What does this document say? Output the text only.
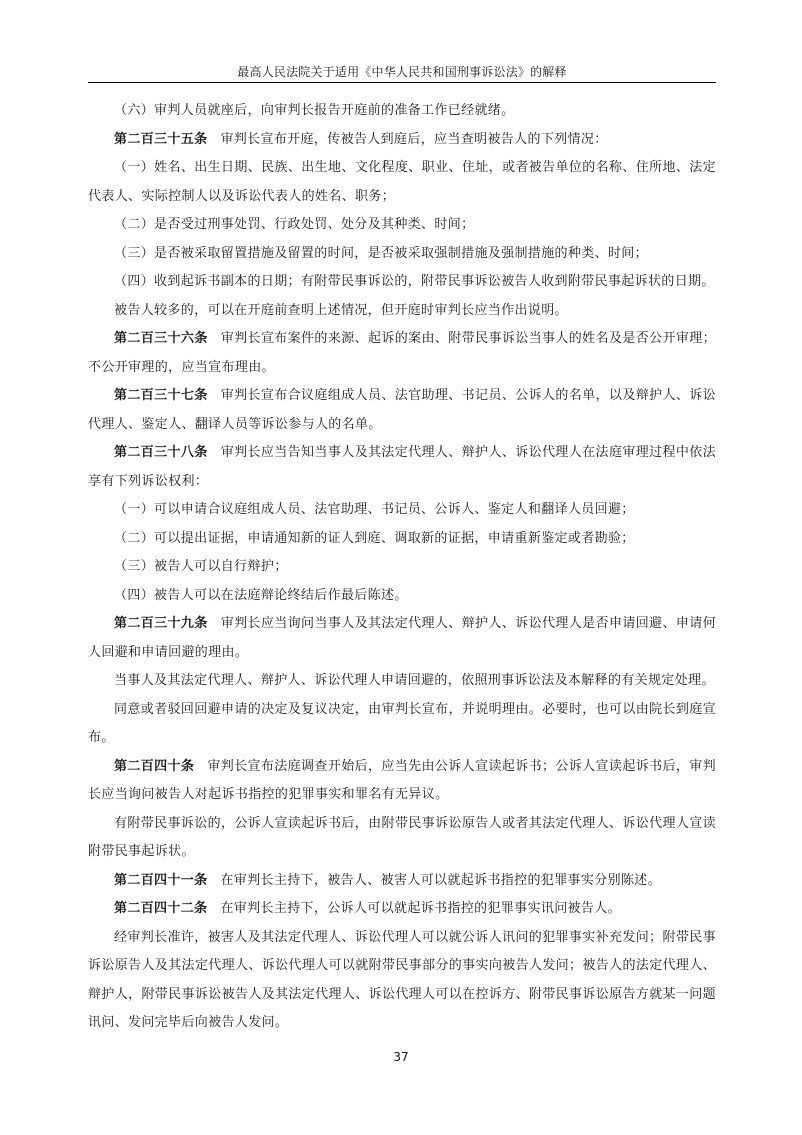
最高人民法院关于适用《中华人民共和国刑事诉讼法》的解释

（六）审判人员就座后，向审判长报告开庭前的准备工作已经就绪。

第二百三十五条 审判长宣布开庭，传被告人到庭后，应当查明被告人的下列情况：

（一）姓名、出生日期、民族、出生地、文化程度、职业、住址，或者被告单位的名称、住所地、法定代表人、实际控制人以及诉讼代表人的姓名、职务；

（二）是否受过刑事处罚、行政处罚、处分及其种类、时间；

（三）是否被采取留置措施及留置的时间，是否被采取强制措施及强制措施的种类、时间；

（四）收到起诉书副本的日期；有附带民事诉讼的，附带民事诉讼被告人收到附带民事起诉状的日期。

被告人较多的，可以在开庭前查明上述情况，但开庭时审判长应当作出说明。

第二百三十六条 审判长宣布案件的来源、起诉的案由、附带民事诉讼当事人的姓名及是否公开审理；不公开审理的，应当宣布理由。

第二百三十七条 审判长宣布合议庭组成人员、法官助理、书记员、公诉人的名单，以及辩护人、诉讼代理人、鉴定人、翻译人员等诉讼参与人的名单。

第二百三十八条 审判长应当告知当事人及其法定代理人、辩护人、诉讼代理人在法庭审理过程中依法享有下列诉讼权利：

（一）可以申请合议庭组成人员、法官助理、书记员、公诉人、鉴定人和翻译人员回避；

（二）可以提出证据，申请通知新的证人到庭、调取新的证据，申请重新鉴定或者勘验；

（三）被告人可以自行辩护；

（四）被告人可以在法庭辩论终结后作最后陈述。

第二百三十九条 审判长应当询问当事人及其法定代理人、辩护人、诉讼代理人是否申请回避、申请何人回避和申请回避的理由。

当事人及其法定代理人、辩护人、诉讼代理人申请回避的，依照刑事诉讼法及本解释的有关规定处理。

同意或者驳回回避申请的决定及复议决定，由审判长宣布，并说明理由。必要时，也可以由院长到庭宣布。

第二百四十条 审判长宣布法庭调查开始后，应当先由公诉人宣读起诉书；公诉人宣读起诉书后，审判长应当询问被告人对起诉书指控的犯罪事实和罪名有无异议。

有附带民事诉讼的，公诉人宣读起诉书后，由附带民事诉讼原告人或者其法定代理人、诉讼代理人宣读附带民事起诉状。

第二百四十一条 在审判长主持下，被告人、被害人可以就起诉书指控的犯罪事实分别陈述。

第二百四十二条 在审判长主持下，公诉人可以就起诉书指控的犯罪事实讯问被告人。

经审判长准许，被害人及其法定代理人、诉讼代理人可以就公诉人讯问的犯罪事实补充发问；附带民事诉讼原告人及其法定代理人、诉讼代理人可以就附带民事部分的事实向被告人发问；被告人的法定代理人、辩护人，附带民事诉讼被告人及其法定代理人、诉讼代理人可以在控诉方、附带民事诉讼原告方就某一问题讯问、发问完毕后向被告人发问。

37
